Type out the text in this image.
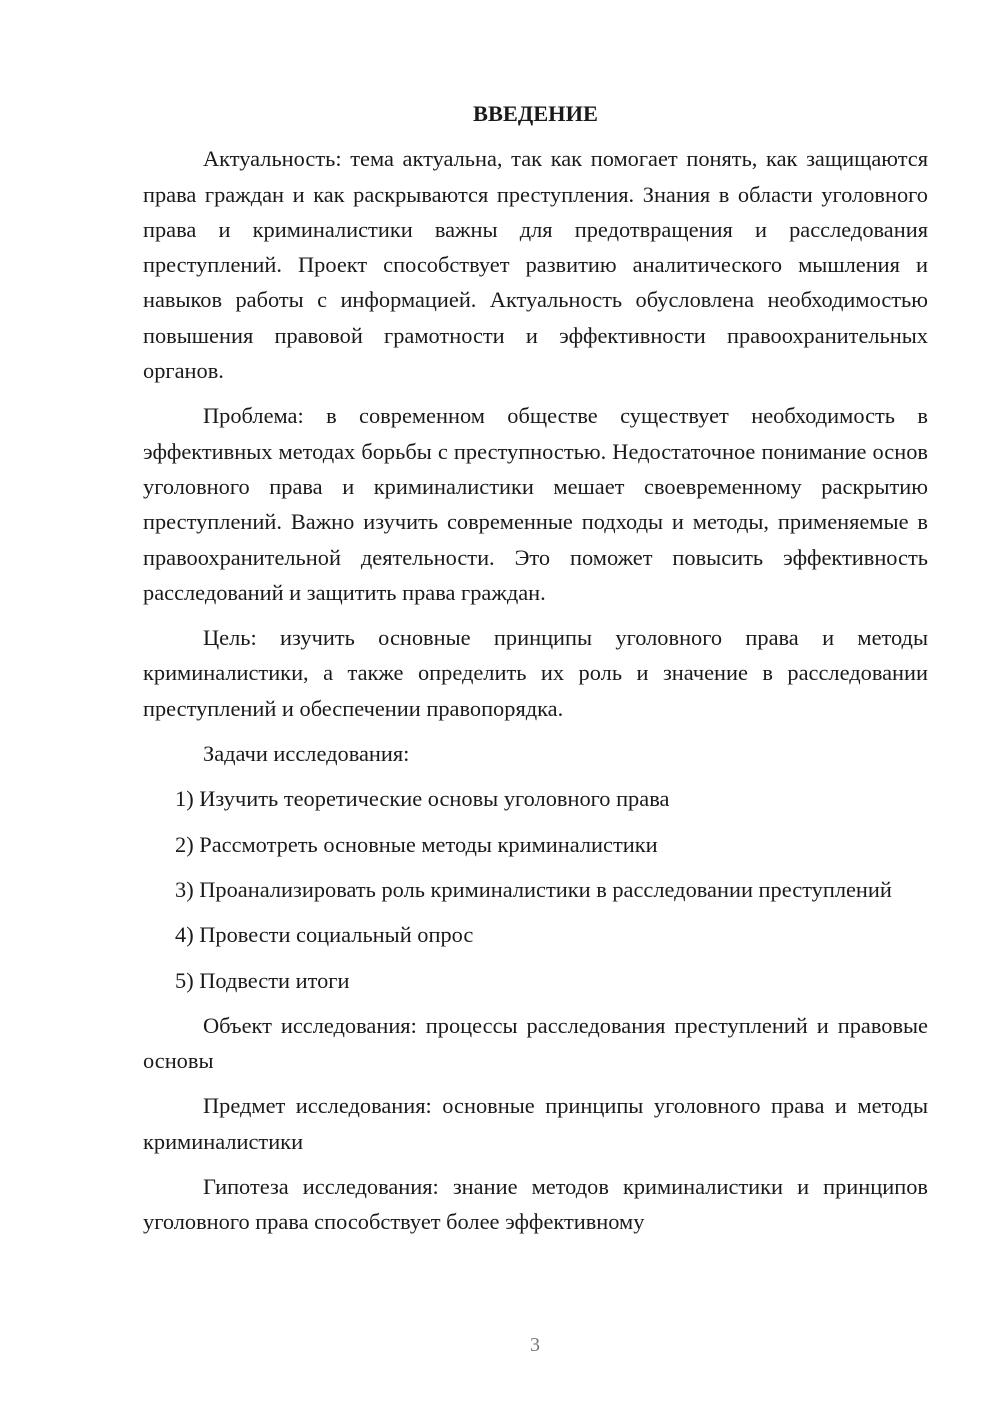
ВВЕДЕНИЕ

Актуальность: тема актуальна, так как помогает понять, как защищаются права граждан и как раскрываются преступления. Знания в области уголовного права и криминалистики важны для предотвращения и расследования преступлений. Проект способствует развитию аналитического мышления и навыков работы с информацией. Актуальность обусловлена необходимостью повышения правовой грамотности и эффективности правоохранительных органов.

Проблема: в современном обществе существует необходимость в эффективных методах борьбы с преступностью. Недостаточное понимание основ уголовного права и криминалистики мешает своевременному раскрытию преступлений. Важно изучить современные подходы и методы, применяемые в правоохранительной деятельности. Это поможет повысить эффективность расследований и защитить права граждан.

Цель: изучить основные принципы уголовного права и методы криминалистики, а также определить их роль и значение в расследовании преступлений и обеспечении правопорядка.

Задачи исследования:

1) Изучить теоретические основы уголовного права

2) Рассмотреть основные методы криминалистики

3) Проанализировать роль криминалистики в расследовании преступлений

4) Провести социальный опрос

5) Подвести итоги

Объект исследования: процессы расследования преступлений и правовые основы

Предмет исследования: основные принципы уголовного права и методы криминалистики

Гипотеза исследования: знание методов криминалистики и принципов уголовного права способствует более эффективному

3
